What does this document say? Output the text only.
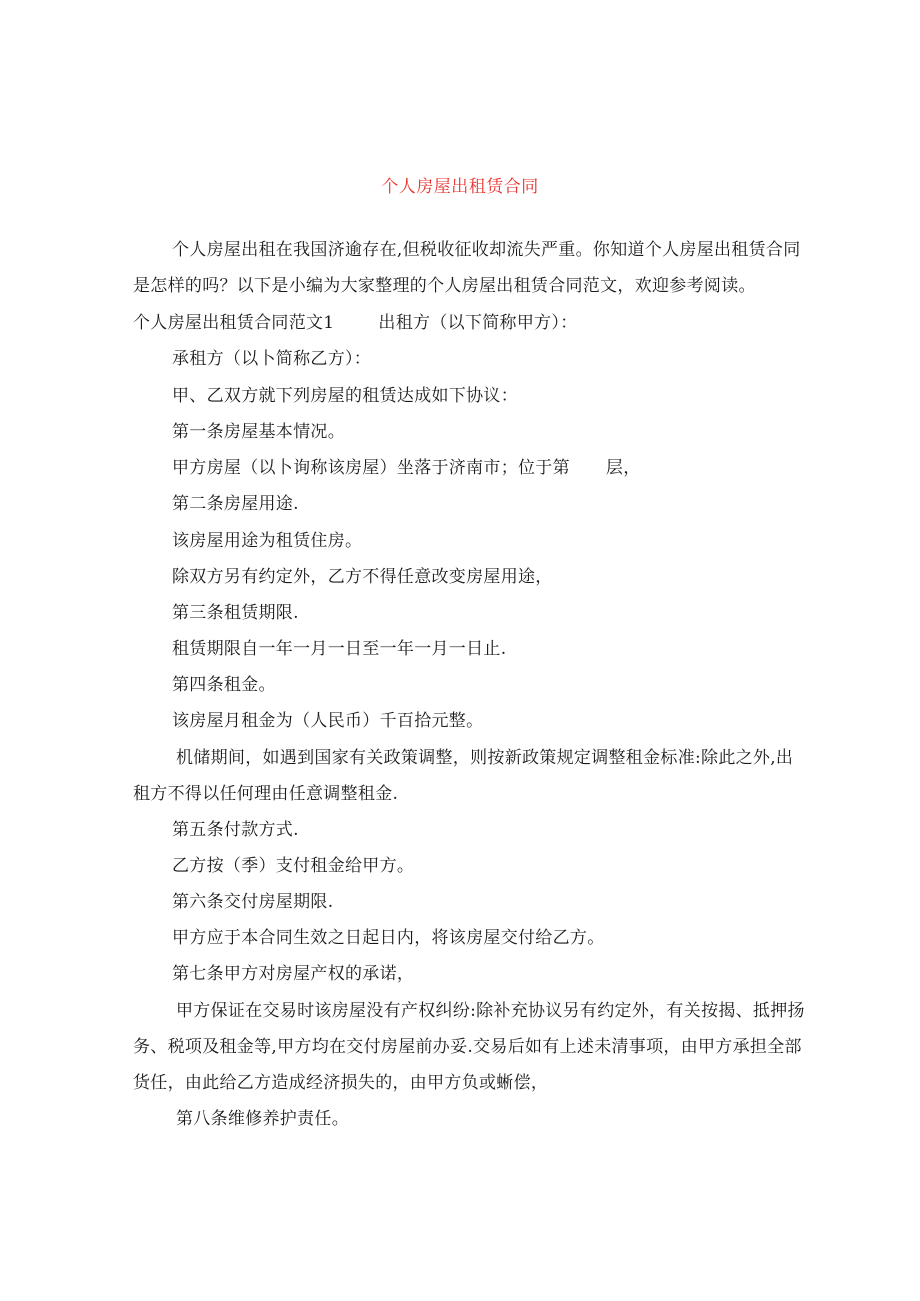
个人房屋出租赁合同
个人房屋出租在我国济逾存在,但税收征收却流失严重。你知道个人房屋出租赁合同
是怎样的吗？以下是小编为大家整理的个人房屋出租赁合同范文，欢迎参考阅读。
个人房屋出租赁合同范文1	出租方（以下简称甲方）：
承租方（以卜简称乙方）：
甲、乙双方就下列房屋的租赁达成如下协议：
第一条房屋基本情况。
甲方房屋（以卜询称该房屋）坐落于济南市；位于第 层，
第二条房屋用途.
该房屋用途为租赁住房。
除双方另有约定外，乙方不得任意改变房屋用途，
第三条租赁期限.
租赁期限自一年一月一日至一年一月一日止.
第四条租金。
该房屋月租金为（人民币）千百拾元整。
机储期间，如遇到国家有关政策调整，则按新政策规定调整租金标准:除此之外,出
租方不得以任何理由任意调整租金.
第五条付款方式.
乙方按（季）支付租金给甲方。
第六条交付房屋期限.
甲方应于本合同生效之日起日内，将该房屋交付给乙方。
第七条甲方对房屋产权的承诺，
甲方保证在交易时该房屋没有产权纠纷:除补充协议另有约定外，有关按揭、抵押扬
务、税项及租金等,甲方均在交付房屋前办妥.交易后如有上述未清事项，由甲方承担全部
货任，由此给乙方造成经济损失的，由甲方负或蜥偿，
第八条维修养护责任。
